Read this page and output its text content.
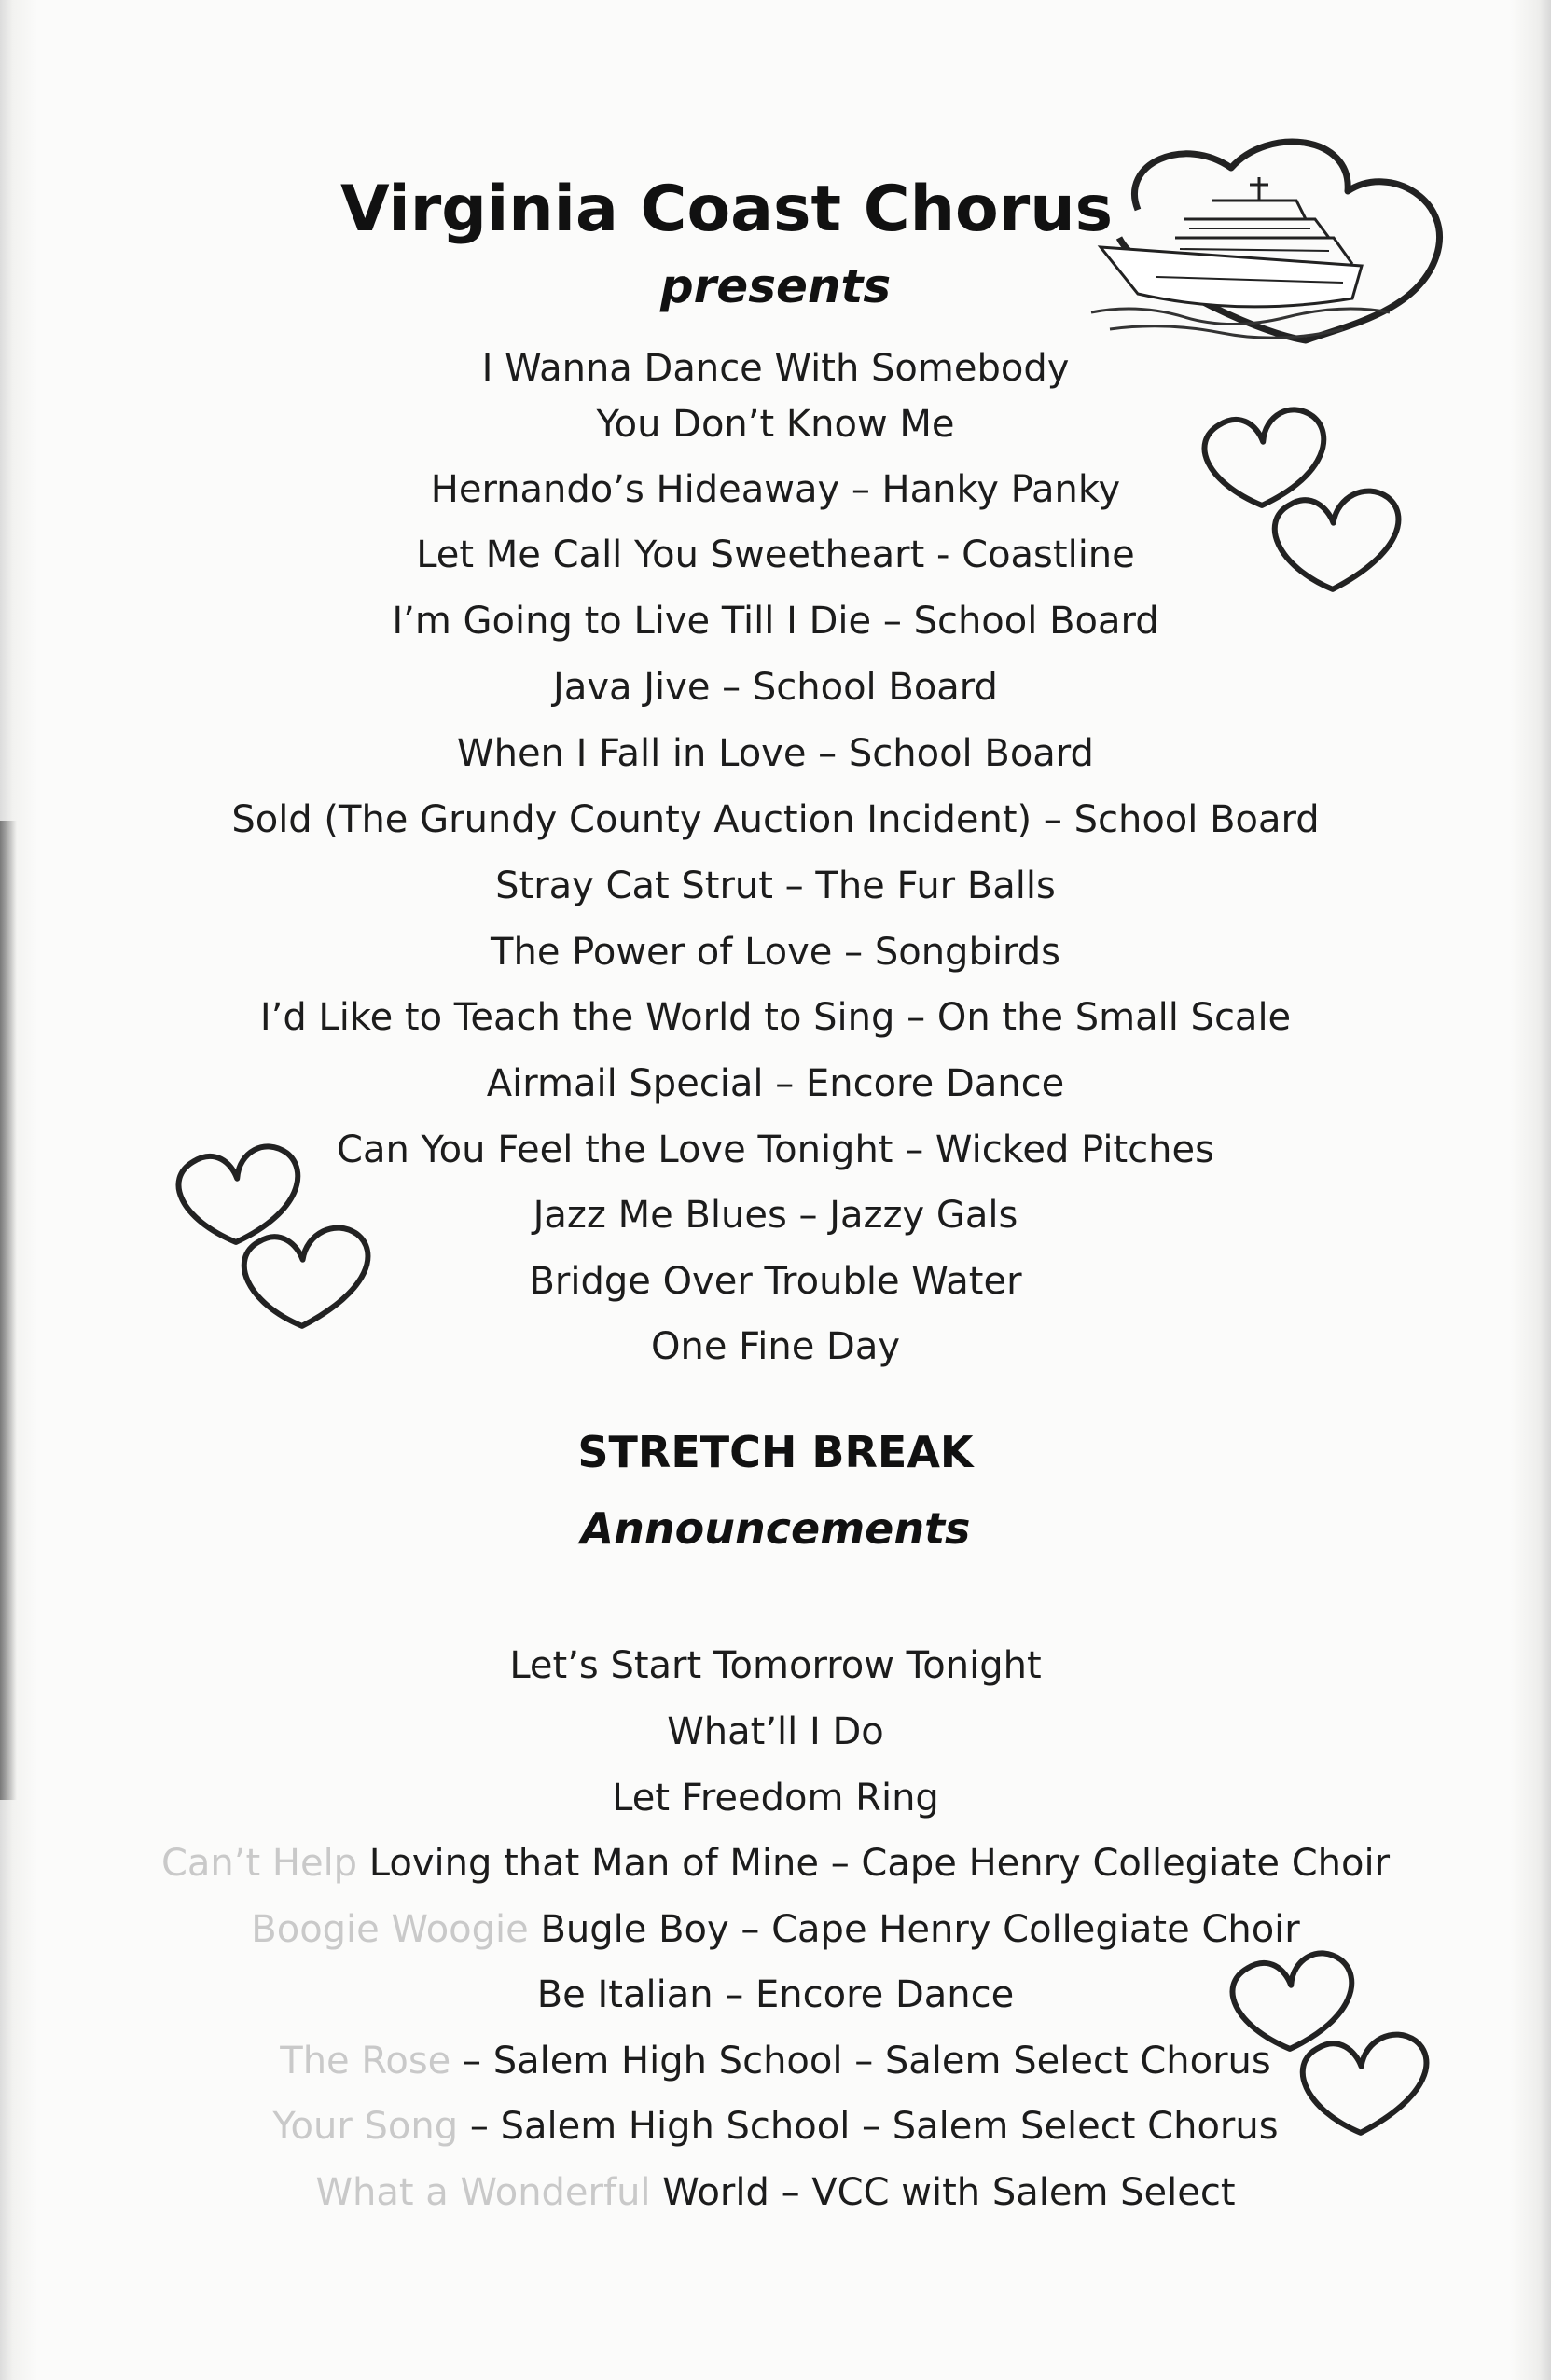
Virginia Coast Chorus
presents
I Wanna Dance With Somebody
You Don’t Know Me
Hernando’s Hideaway – Hanky Panky
Let Me Call You Sweetheart - Coastline
I’m Going to Live Till I Die – School Board
Java Jive – School Board
When I Fall in Love – School Board
Sold (The Grundy County Auction Incident) – School Board
Stray Cat Strut – The Fur Balls
The Power of Love – Songbirds
I’d Like to Teach the World to Sing – On the Small Scale
Airmail Special – Encore Dance
Can You Feel the Love Tonight – Wicked Pitches
Jazz Me Blues – Jazzy Gals
Bridge Over Trouble Water
One Fine Day
STRETCH BREAK
Announcements
Let’s Start Tomorrow Tonight
What’ll I Do
Let Freedom Ring
Can’t Help Loving that Man of Mine – Cape Henry Collegiate Choir
Boogie Woogie Bugle Boy – Cape Henry Collegiate Choir
Be Italian – Encore Dance
The Rose – Salem High School – Salem Select Chorus
Your Song – Salem High School – Salem Select Chorus
What a Wonderful World – VCC with Salem Select
